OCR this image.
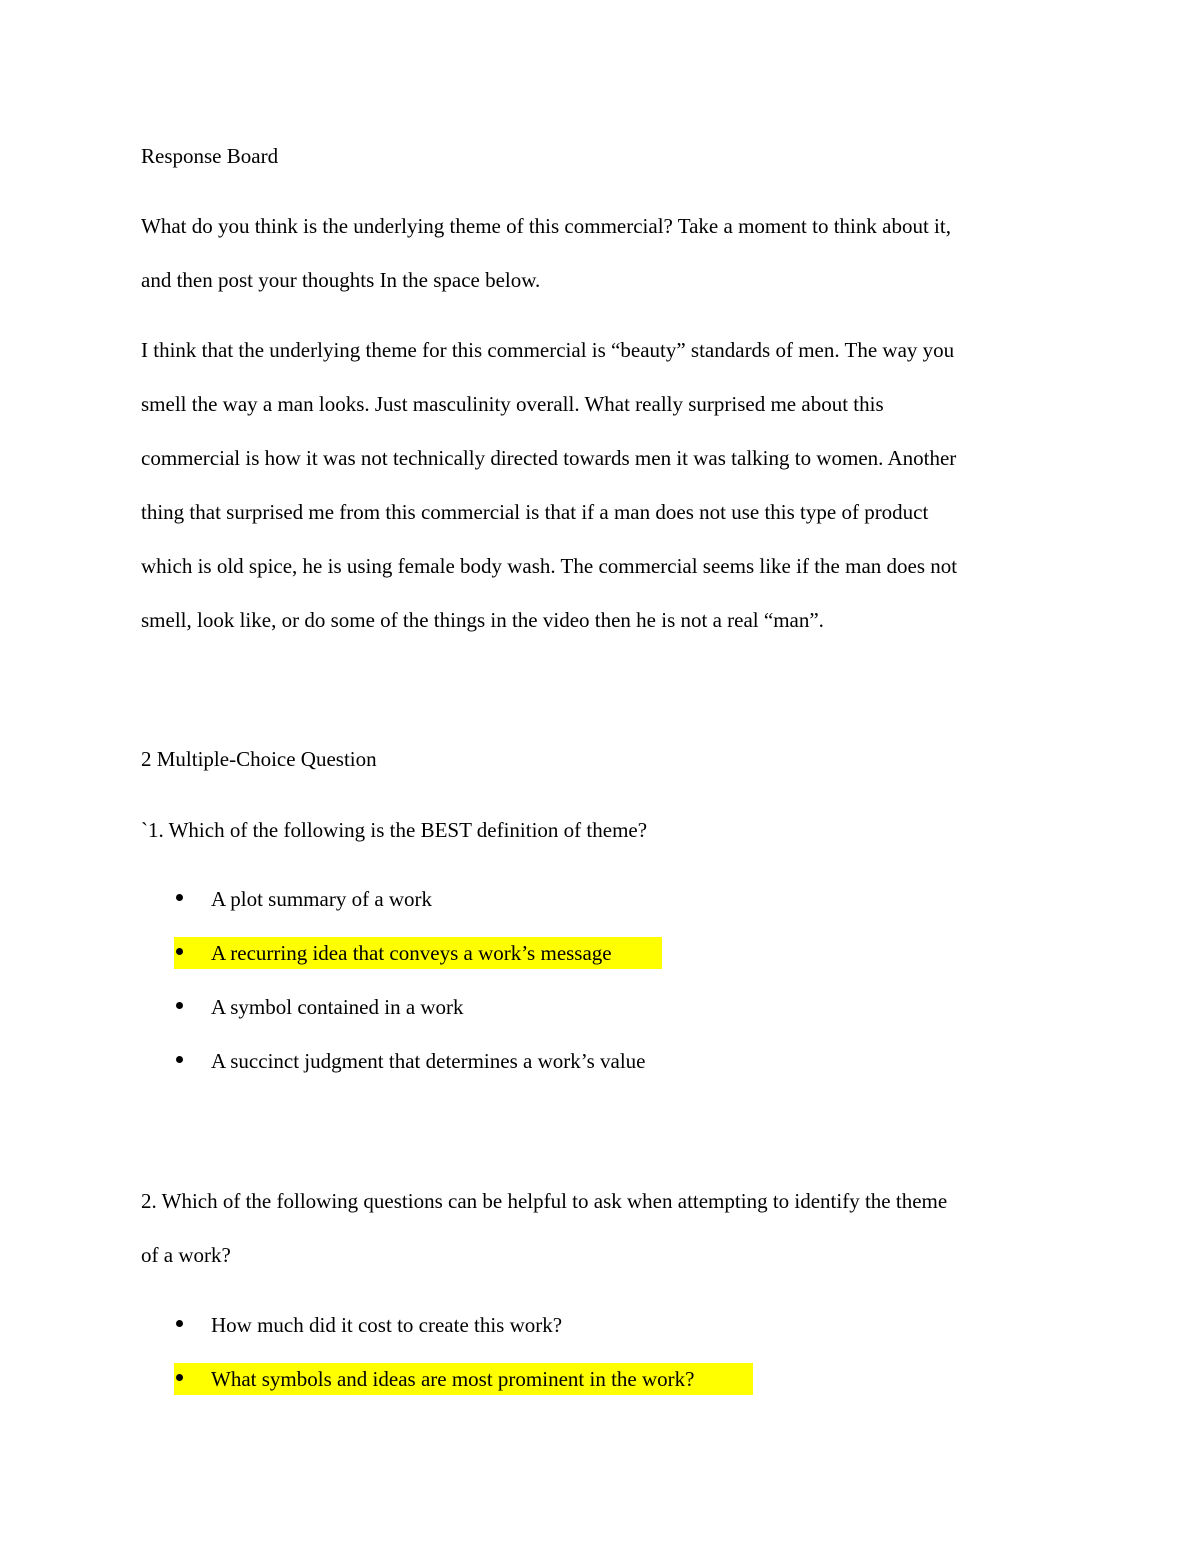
Response Board
What do you think is the underlying theme of this commercial? Take a moment to think about it,
and then post your thoughts In the space below.
I think that the underlying theme for this commercial is “beauty” standards of men. The way you
smell the way a man looks. Just masculinity overall. What really surprised me about this
commercial is how it was not technically directed towards men it was talking to women. Another
thing that surprised me from this commercial is that if a man does not use this type of product
which is old spice, he is using female body wash. The commercial seems like if the man does not
smell, look like, or do some of the things in the video then he is not a real “man”.
2 Multiple-Choice Question
`1. Which of the following is the BEST definition of theme?
A plot summary of a work
A recurring idea that conveys a work’s message
A symbol contained in a work
A succinct judgment that determines a work’s value
2. Which of the following questions can be helpful to ask when attempting to identify the theme
of a work?
How much did it cost to create this work?
What symbols and ideas are most prominent in the work?
